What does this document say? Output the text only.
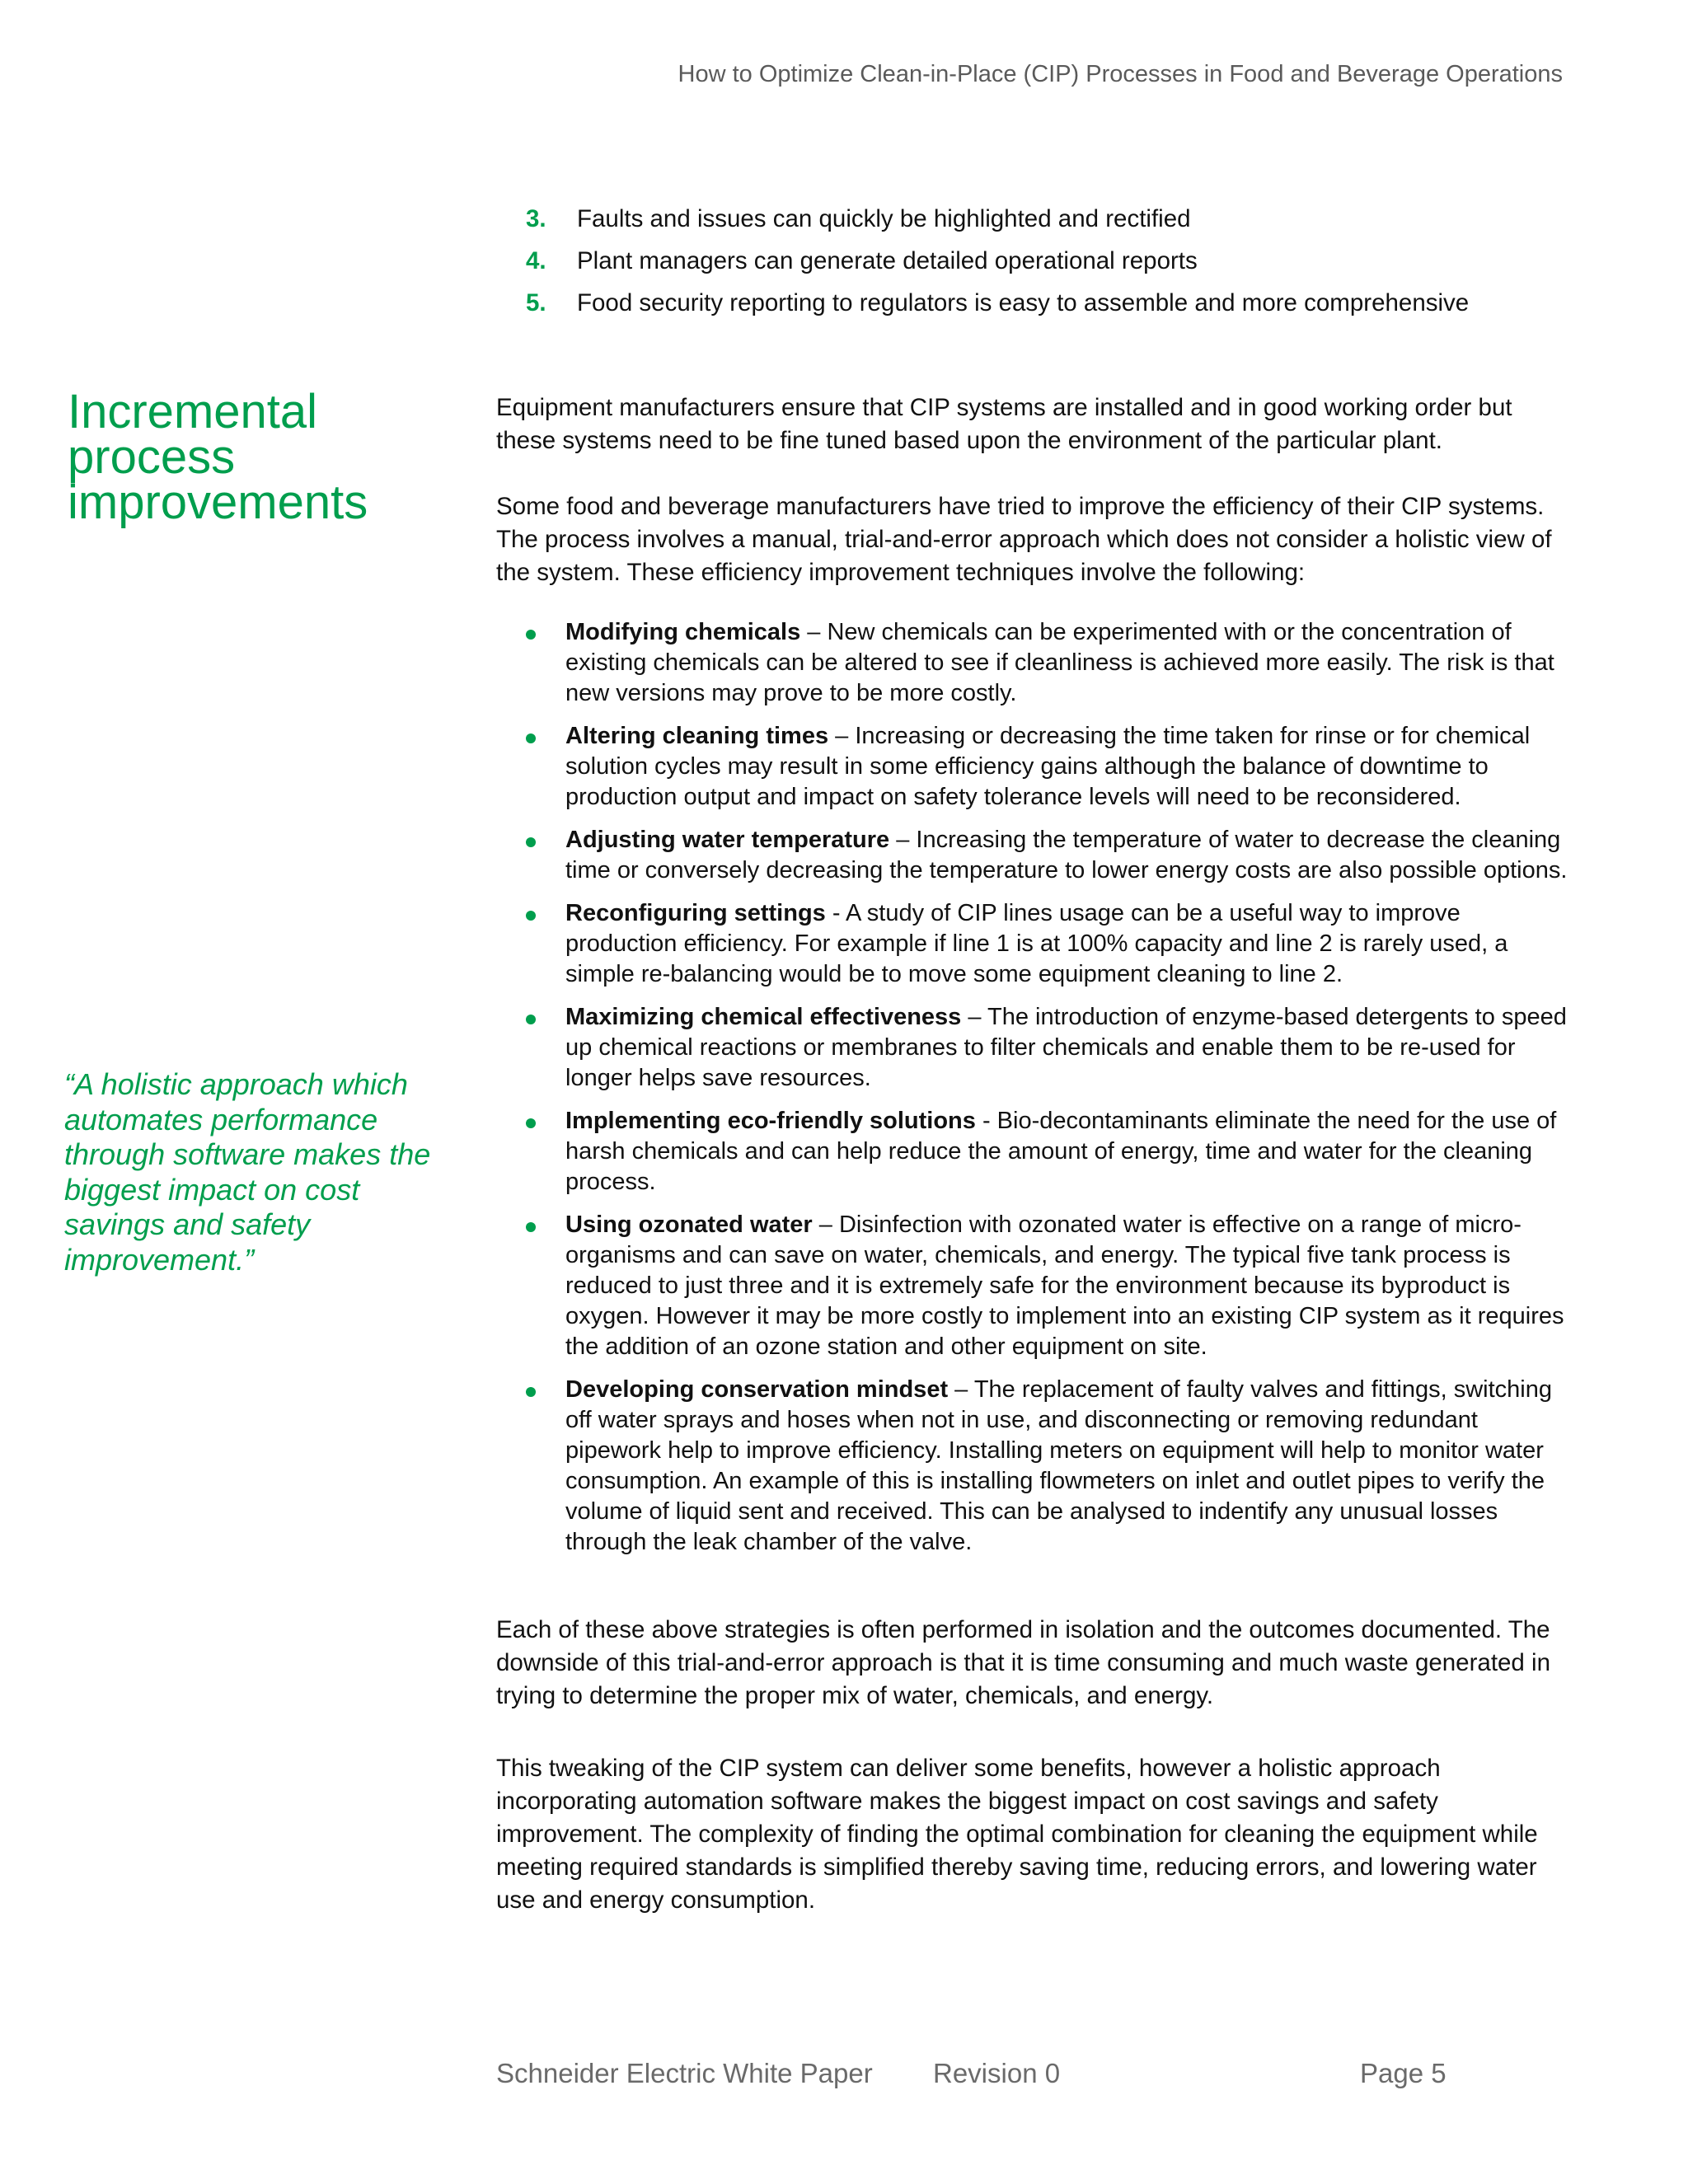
How to Optimize Clean-in-Place (CIP) Processes in Food and Beverage Operations
3.	Faults and issues can quickly be highlighted and rectified
4.	Plant managers can generate detailed operational reports
5.	Food security reporting to regulators is easy to assemble and more comprehensive
Incremental process improvements

“A holistic approach which automates performance through software makes the biggest impact on cost savings and safety improvement.”

Equipment manufacturers ensure that CIP systems are installed and in good working order but these systems need to be fine tuned based upon the environment of the particular plant.

Some food and beverage manufacturers have tried to improve the efficiency of their CIP systems. The process involves a manual, trial-and-error approach which does not consider a holistic view of the system. These efficiency improvement techniques involve the following:

Modifying chemicals – New chemicals can be experimented with or the concentration of existing chemicals can be altered to see if cleanliness is achieved more easily. The risk is that new versions may prove to be more costly.
Altering cleaning times – Increasing or decreasing the time taken for rinse or for chemical solution cycles may result in some efficiency gains although the balance of downtime to production output and impact on safety tolerance levels will need to be reconsidered.
Adjusting water temperature – Increasing the temperature of water to decrease the cleaning time or conversely decreasing the temperature to lower energy costs are also possible options.
Reconfiguring settings - A study of CIP lines usage can be a useful way to improve production efficiency. For example if line 1 is at 100% capacity and line 2 is rarely used, a simple re-balancing would be to move some equipment cleaning to line 2.
Maximizing chemical effectiveness – The introduction of enzyme-based detergents to speed up chemical reactions or membranes to filter chemicals and enable them to be re-used for longer helps save resources.
Implementing eco-friendly solutions - Bio-decontaminants eliminate the need for the use of harsh chemicals and can help reduce the amount of energy, time and water for the cleaning process.
Using ozonated water – Disinfection with ozonated water is effective on a range of micro-organisms and can save on water, chemicals, and energy. The typical five tank process is reduced to just three and it is extremely safe for the environment because its byproduct is oxygen. However it may be more costly to implement into an existing CIP system as it requires the addition of an ozone station and other equipment on site.
Developing conservation mindset – The replacement of faulty valves and fittings, switching off water sprays and hoses when not in use, and disconnecting or removing redundant pipework help to improve efficiency. Installing meters on equipment will help to monitor water consumption. An example of this is installing flowmeters on inlet and outlet pipes to verify the volume of liquid sent and received. This can be analysed to indentify any unusual losses through the leak chamber of the valve.

Each of these above strategies is often performed in isolation and the outcomes documented. The downside of this trial-and-error approach is that it is time consuming and much waste generated in trying to determine the proper mix of water, chemicals, and energy.

This tweaking of the CIP system can deliver some benefits, however a holistic approach incorporating automation software makes the biggest impact on cost savings and safety improvement. The complexity of finding the optimal combination for cleaning the equipment while meeting required standards is simplified thereby saving time, reducing errors, and lowering water use and energy consumption.

Schneider Electric White Paper Revision 0	Page 5
